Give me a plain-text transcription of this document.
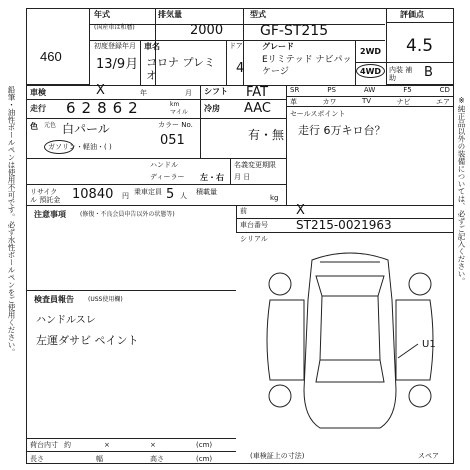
鉛筆・油性ボールペンは使用不可です。必ず水性ボールペンをご使用ください。	※純正品以外の装備については、必ずご記入ください。
460
年式
(国産車は和暦)
排気量
2000
型式
GF-ST215
初度登録年月
13/9月
車名
コロナ プレミオ
ドア
4
グレード
Eリミテッド ナビパッケージ
2WD
4WD
評価点
4.5
内装 補助	B
車検	X	年	月
走行 62862	km
マイル
シフト FAT
冷房 AAC
色 元色 白パール	カラー No.
051	有・無
ガソリン・軽油・( )
ハンドル
ディーラー 左・右
名義変更期限
月 日
リサイクル 預託金 10840 円 乗車定員 5 人 積載量
kg
SR	PS	AW	F5	CD
革	カワ	TV	ナビ	エア
セールスポイント
走行 6万キロ台？
前	X
車台番号 ST215-0021963
シリアル
注意事項 (修復・不良会員申告以外の状態等)
検査員報告 (USS使用欄)
ハンドルスレ
左運ダサビ ペイント	U1
荷台内寸 約	×	×	(cm)
長さ	幅	高さ	(cm)	(車検証上の寸法)	スペア
